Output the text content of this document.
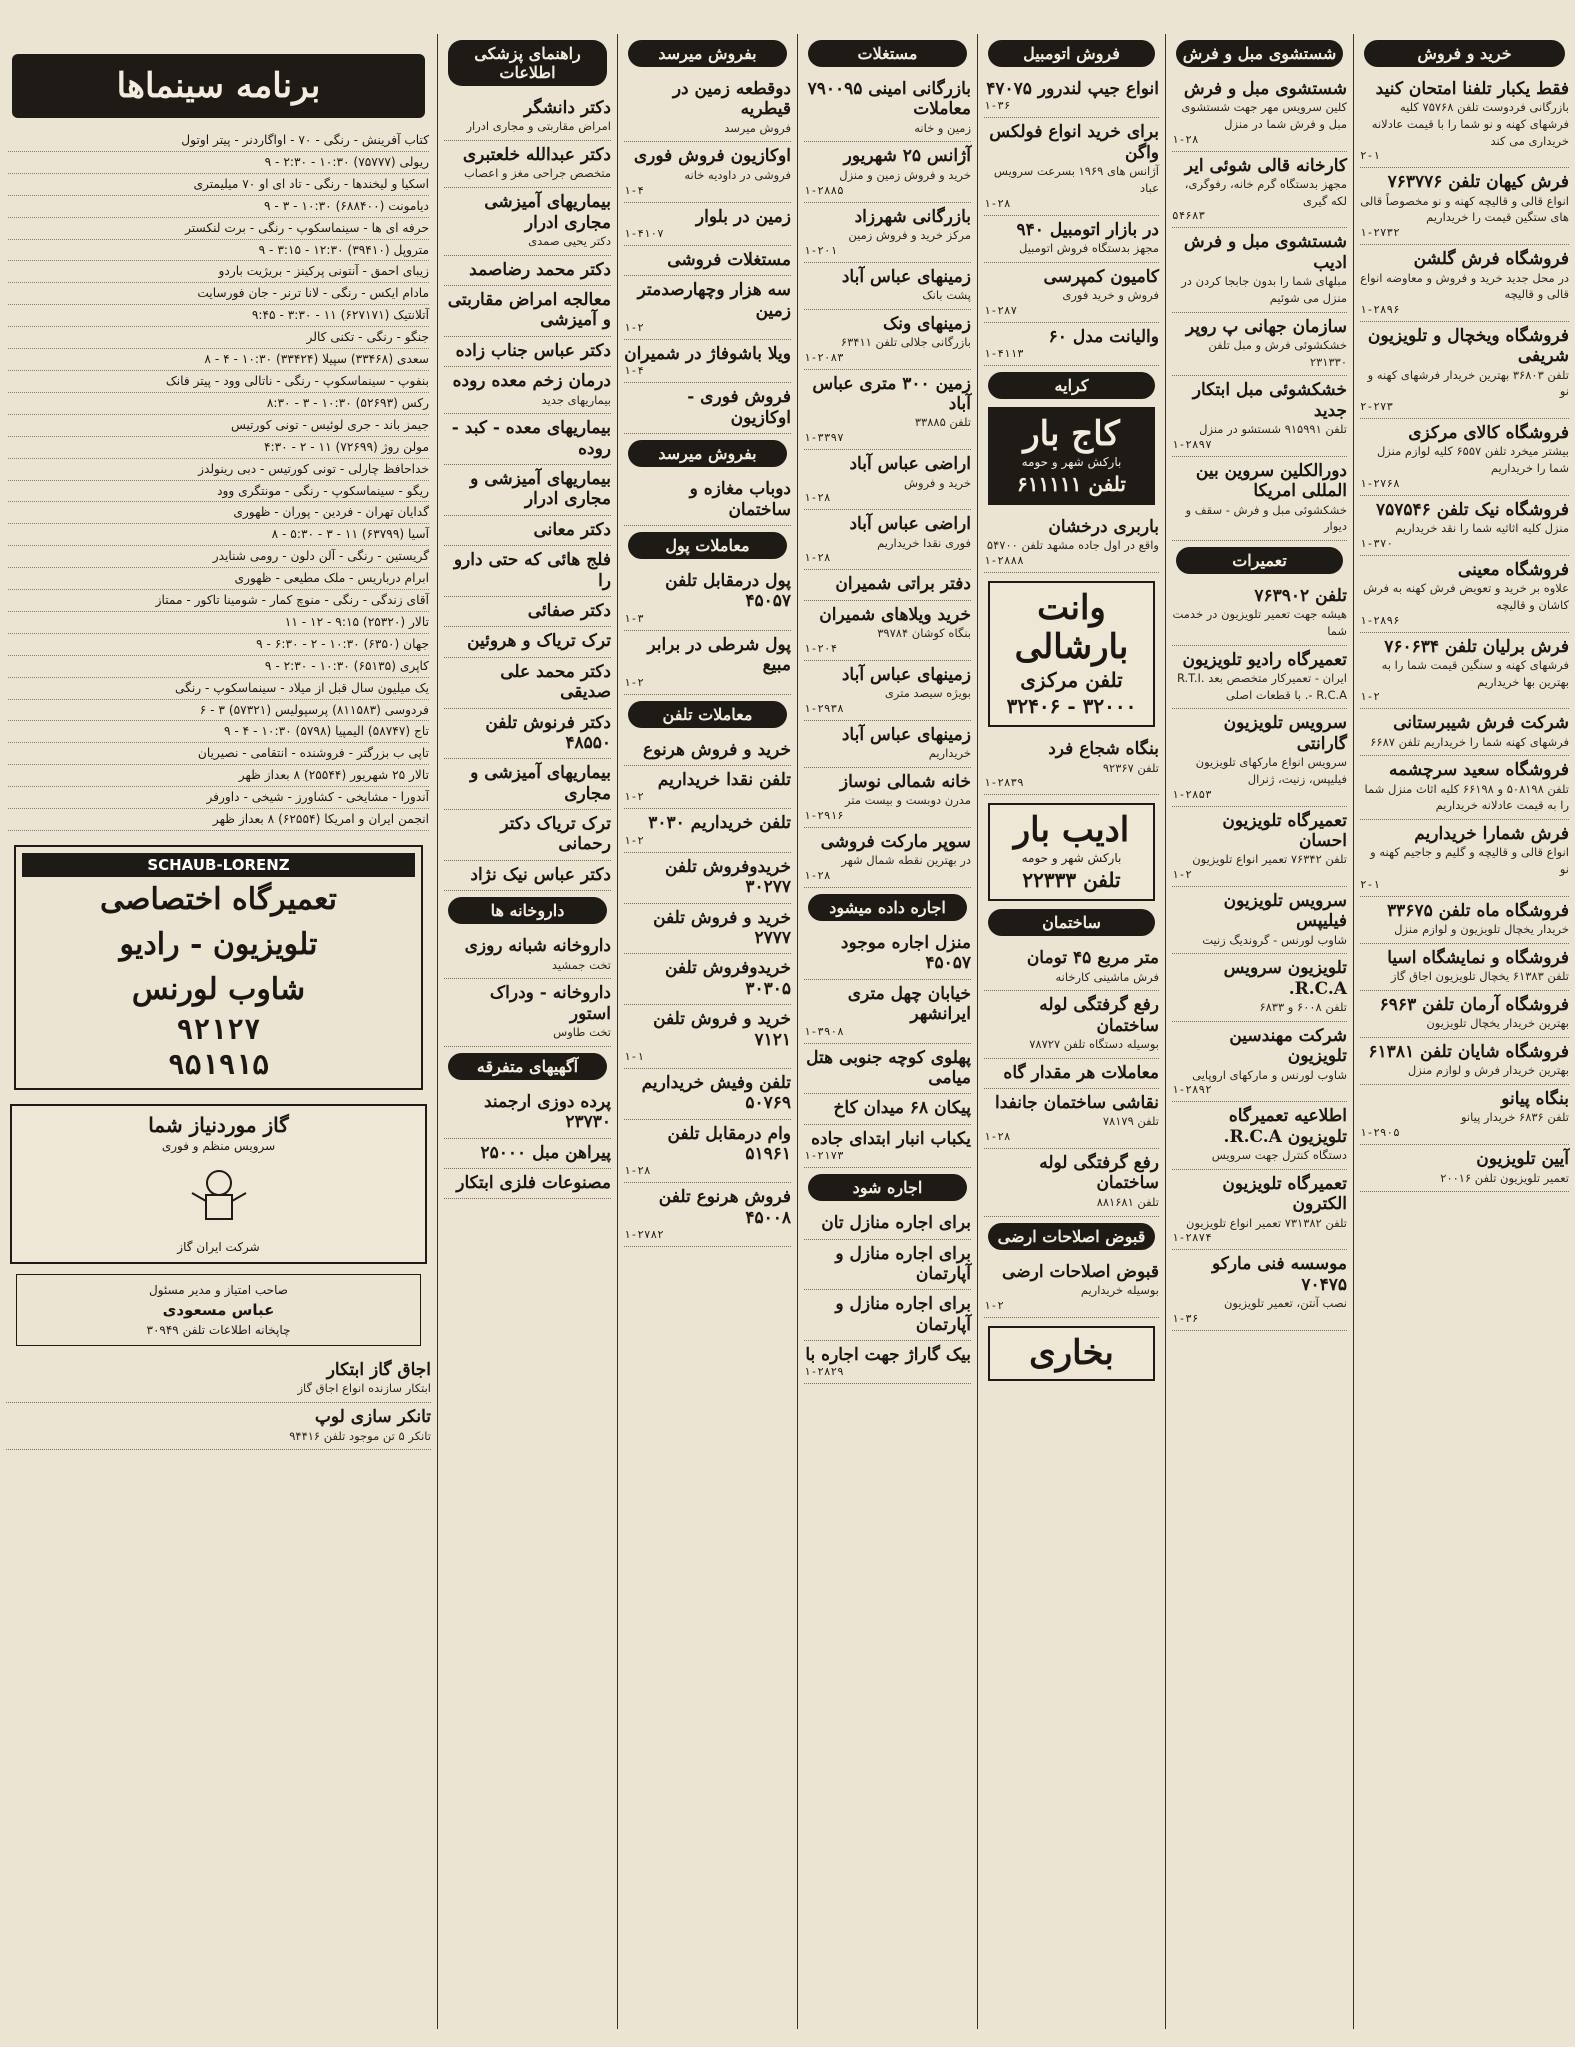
خرید و فروش
فقط یکبار تلفنا امتحان کنید
بازرگانی فردوست تلفن ۷۵۷۶۸ کلیه فرشهای کهنه و نو شما را با قیمت عادلانه خریداری می کند
۲-۱
فرش کیهان تلفن ۷۶۳۷۷۶
انواع قالی و قالیچه کهنه و نو مخصوصاً قالی های ستگین قیمت را خریداریم
۱-۲۷۳۲
فروشگاه فرش گلشن
در محل جدید خرید و فروش و معاوضه انواع قالی و قالیچه
۱-۲۸۹۶
فروشگاه ویخچال و تلویزیون شریفی
تلفن ۳۶۸۰۳ بهترین خریدار فرشهای کهنه و نو
۲-۲۷۳
فروشگاه کالای مرکزی
بیشتر میخرد تلفن ۶۵۵۷ کلیه لوازم منزل شما را خریداریم
۱-۲۷۶۸
فروشگاه نیک تلفن ۷۵۷۵۴۶
منزل کلیه اثاثیه شما را نقد خریداریم
۱-۳۷۰
فروشگاه معینی
علاوه بر خرید و تعویض فرش کهنه به فرش کاشان و قالیچه
۱-۲۸۹۶
فرش برلیان تلفن ۷۶۰۶۳۴
فرشهای کهنه و سنگین قیمت شما را به بهترین بها خریداریم
۱-۲
شرکت فرش شیبرستانی
فرشهای کهنه شما را خریداریم تلفن ۶۶۸۷
فروشگاه سعید سرچشمه
تلفن ۵۰۸۱۹۸ و ۶۶۱۹۸ کلیه اثاث منزل شما را به قیمت عادلانه خریداریم
فرش شمارا خریداریم
انواع قالی و قالیچه و گلیم و جاجیم کهنه و نو
۲-۱
فروشگاه ماه تلفن ۳۳۶۷۵
خریدار یخچال تلویزیون و لوازم منزل
فروشگاه و نمایشگاه اسیا
تلفن ۶۱۳۸۳ یخچال تلویزیون اجاق گاز
فروشگاه آرمان تلفن ۶۹۶۳
بهترین خریدار یخچال تلویزیون
فروشگاه شایان تلفن ۶۱۳۸۱
بهترین خریدار فرش و لوازم منزل
بنگاه پیانو
تلفن ۶۸۳۶ خریدار پیانو
۱-۲۹۰۵
آیین تلویزیون
تعمیر تلویزیون تلفن ۲۰۰۱۶
شستشوی مبل و فرش
شستشوی مبل و فرش
کلین سرویس مهر جهت شستشوی مبل و فرش شما در منزل
۱-۲۸
کارخانه قالی شوئی ایر
مجهز بدستگاه گرم خانه، رفوگری، لکه گیری
۵۴۶۸۳
شستشوی مبل و فرش ادیب
مبلهای شما را بدون جابجا کردن در منزل می شوئیم
سازمان جهانی پ روپر
خشکشوئی فرش و مبل تلفن ۲۳۱۳۳۰
خشکشوئی مبل ابتکار جدید
تلفن ۹۱۵۹۹۱ شستشو در منزل
۱-۲۸۹۷
دورالکلین سروین بین المللی امریکا
خشکشوئی مبل و فرش - سقف و دیوار
تعمیرات
تلفن ۷۶۳۹۰۲
هیشه جهت تعمیر تلویزیون در خدمت شما
تعمیرگاه رادیو تلویزیون
ایران - تعمیرکار متخصص بعد R.T.I. - R.C.A. با قطعات اصلی
سرویس تلویزیون گارانتی
سرویس انواع مارکهای تلویزیون فیلیپس، زنیت، ژنرال
۱-۲۸۵۳
تعمیرگاه تلویزیون احسان
تلفن ۷۶۳۴۲ تعمیر انواع تلویزیون
۱-۲
سرویس تلویزیون فیلیپس
شاوب لورنس - گروندیگ زنیت
تلویزیون سرویس R.C.A.
تلفن ۶۰۰۸ و ۶۸۳۳
شرکت مهندسین تلویزیون
شاوب لورنس و مارکهای اروپایی
۱-۲۸۹۲
اطلاعیه تعمیرگاه تلویزیون R.C.A.
دستگاه کنترل جهت سرویس
تعمیرگاه تلویزیون الکترون
تلفن ۷۳۱۳۸۲ تعمیر انواع تلویزیون
۱-۲۸۷۴
موسسه فنی مارکو ۷۰۴۷۵
نصب آنتن، تعمیر تلویزیون
۱-۳۶
فروش اتومبیل
انواع جیپ لندرور ۴۷۰۷۵
۱-۳۶
برای خرید انواع فولکس واگن
آژانس های ۱۹۶۹ بسرعت سرویس عباد
۱-۲۸
در بازار اتومبیل ۹۴۰
مجهز بدستگاه فروش اتومبیل
کامیون کمپرسی
فروش و خرید فوری
۱-۲۸۷
والیانت مدل ۶۰
۱-۴۱۱۳
کرایه
کاج بار
بارکش شهر و حومه
تلفن ۶۱۱۱۱۱
باربری درخشان
واقع در اول جاده مشهد تلفن ۵۴۷۰۰
۱-۲۸۸۸
وانت بارشالی
تلفن مرکزی ۳۲۰۰۰ - ۳۲۴۰۶
بنگاه شجاع فرد
تلفن ۹۲۳۶۷
۱-۲۸۳۹
ادیب بار
بارکش شهر و حومه
تلفن ۲۲۳۳۳
ساختمان
متر مربع ۴۵ تومان
فرش ماشینی کارخانه
رفع گرفتگی لوله ساختمان
بوسیله دستگاه تلفن ۷۸۷۲۷
معاملات هر مقدار گاه
نقاشی ساختمان جانفدا
تلفن ۷۸۱۷۹
۱-۲۸
رفع گرفتگی لوله ساختمان
تلفن ۸۸۱۶۸۱
قبوض اصلاحات ارضی
قبوض اصلاحات ارضی
بوسیله خریداریم
۱-۲
بخاری
مستغلات
بازرگانی امینی ۷۹۰۰۹۵ معاملات
زمین و خانه
آژانس ۲۵ شهریور
خرید و فروش زمین و منزل
۱-۲۸۸۵
بازرگانی شهرزاد
مرکز خرید و فروش زمین
۱-۲۰۱
زمینهای عباس آباد
پشت بانک
زمینهای ونک
بازرگانی جلالی تلفن ۶۳۴۱۱
۱-۲۰۸۳
زمین ۳۰۰ متری عباس آباد
تلفن ۳۳۸۸۵
۱-۳۳۹۷
اراضی عباس آباد
خرید و فروش
۱-۲۸
اراضی عباس آباد
فوری نقدا خریداریم
۱-۲۸
دفتر براتی شمیران
خرید ویلاهای شمیران
بنگاه کوشان ۳۹۷۸۴
۱-۲۰۴
زمینهای عباس آباد
بویژه سیصد متری
۱-۲۹۳۸
زمینهای عباس آباد
خریداریم
خانه شمالی نوساز
مدرن دوبست و بیست متر
۱-۲۹۱۶
سوپر مارکت فروشی
در بهترین نقطه شمال شهر
۱-۲۸
اجاره داده میشود
منزل اجاره موجود ۴۵۰۵۷
خیابان چهل متری ایرانشهر
۱-۳۹۰۸
پهلوی کوچه جنوبی هتل میامی
پیکان ۶۸ میدان کاخ
یکباب انبار ابتدای جاده
۱-۲۱۷۳
اجاره شود
برای اجاره منازل تان
برای اجاره منازل و آپارتمان
برای اجاره منازل و آپارتمان
بیک گاراژ جهت اجاره با
۱-۲۸۲۹
بفروش میرسد
دوقطعه زمین در قیطریه
فروش میرسد
اوکازیون فروش فوری
فروشی در داودیه خانه
۱-۴
زمین در بلوار
۱-۴۱۰۷
مستغلات فروشی
سه هزار وچهارصدمتر زمین
۱-۲
ویلا باشوفاژ در شمیران
۱-۴
فروش فوری - اوکازیون
بفروش میرسد
دوباب مغازه و ساختمان
معاملات پول
پول درمقابل تلفن ۴۵۰۵۷
۱-۳
پول شرطی در برابر مبیع
۱-۲
معاملات تلفن
خرید و فروش هرنوع
تلفن نقدا خریداریم
۱-۲
تلفن خریداریم ۳۰۳۰
۱-۲
خریدوفروش تلفن ۳۰۲۷۷
خرید و فروش تلفن ۲۷۷۷
خریدوفروش تلفن ۳۰۳۰۵
خرید و فروش تلفن ۷۱۲۱
۱-۱
تلفن وفیش خریداریم ۵۰۷۶۹
وام درمقابل تلفن ۵۱۹۶۱
۱-۲۸
فروش هرنوع تلفن ۴۵۰۰۸
۱-۲۷۸۲
راهنمای پزشکی اطلاعات
دکتر دانشگر
امراض مقاربتی و مجاری ادرار
دکتر عبدالله خلعتبری
متخصص جراحی مغز و اعصاب
بیماریهای آمیزشی مجاری ادرار
دکتر یحیی صمدی
دکتر محمد رضاصمد
معالجه امراض مقاربتی و آمیزشی
دکتر عباس جناب زاده
درمان زخم معده روده
بیماریهای جدید
بیماریهای معده - کبد - روده
بیماریهای آمیزشی و مجاری ادرار
دکتر معانی
فلج هائی که حتی دارو را
دکتر صفائی
ترک تریاک و هروئین
دکتر محمد علی صدیقی
دکتر فرنوش تلفن ۴۸۵۵۰
بیماریهای آمیزشی و مجاری
ترک تریاک دکتر رحمانی
دکتر عباس نیک نژاد
داروخانه ها
داروخانه شبانه روزی
تخت جمشید
داروخانه - ودراک استور
تخت طاوس
آگهیهای متفرقه
پرده دوزی ارجمند ۲۳۷۳۰
پیراهن مبل ۲۵۰۰۰
مصنوعات فلزی ابتکار
برنامه سینماها
کتاب آفرینش - رنگی - ۷۰ - اواگاردنر - پیتر اوتول
ریولی (۷۵۷۷۷) ۱۰:۳۰ - ۲:۳۰ - ۹
اسکیا و لیخندها - رنگی - تاد ای او ۷۰ میلیمتری
دیامونت (۶۸۸۴۰۰) ۱۰:۳۰ - ۳ - ۹
حرفه ای ها - سینماسکوپ - رنگی - برت لنکستر
متروپل (۳۹۴۱۰) ۱۲:۳۰ - ۳:۱۵ - ۹
زیبای احمق - آنتونی پرکینز - بریژیت باردو
مادام ایکس - رنگی - لانا ترنر - جان فورسایت
آتلانتیک (۶۲۷۱۷۱) ۱۱ - ۳:۳۰ - ۹:۴۵
جنگو - رنگی - تکنی کالر
سعدی (۳۳۴۶۸) سپیلا (۳۳۴۲۴) ۱۰:۳۰ - ۴ - ۸
بنفوپ - سینماسکوپ - رنگی - ناتالی وود - پیتر فانک
رکس (۵۲۶۹۳) ۱۰:۳۰ - ۳ - ۸:۳۰
جیمز باند - جری لوئیس - تونی کورتیس
مولن روژ (۷۲۶۹۹) ۱۱ - ۲ - ۴:۳۰
خداحافظ چارلی - تونی کورتیس - دبی رینولدز
ریگو - سینماسکوپ - رنگی - مونتگری وود
گدایان تهران - فردین - پوران - ظهوری
آسیا (۶۳۷۹۹) ۱۱ - ۳ - ۵:۳۰ - ۸
گریستین - رنگی - آلن دلون - رومی شنایدر
ابرام درباریس - ملک مطیعی - ظهوری
آقای زندگی - رنگی - منوچ کمار - شومینا تاکور - ممتاز
تالار (۲۵۳۲۰) ۹:۱۵ - ۱۲ - ۱۱
جهان (۶۳۵۰) ۱۰:۳۰ - ۲ - ۶:۳۰ - ۹
کاپری (۶۵۱۳۵) ۱۰:۳۰ - ۲:۳۰ - ۹
یک میلیون سال قبل از میلاد - سینماسکوپ - رنگی
فردوسی (۸۱۱۵۸۳) پرسپولیس (۵۷۳۲۱) ۳ - ۶
تاج (۵۸۷۴۷) الیمپیا (۵۷۹۸) ۱۰:۳۰ - ۴ - ۹
تاپی ب بزرگتر - فروشنده - انتقامی - نصیریان
تالار ۲۵ شهریور (۲۵۵۴۴) ۸ بعداز ظهر
آندورا - مشایخی - کشاورز - شیخی - داورفر
انجمن ایران و امریکا (۶۲۵۵۴) ۸ بعداز ظهر
SCHAUB-LORENZ
تعمیرگاه اختصاصی
تلویزیون - رادیو
شاوب لورنس
۹۲۱۲۷
۹۵۱۹۱۵
گاز موردنیاز شما
سرویس منظم و فوری
شرکت ایران گاز
صاحب امتیاز و مدیر مسئول
عباس مسعودی
چاپخانه اطلاعات تلفن ۳۰۹۴۹
اجاق گاز ابتکار
ابتکار سازنده انواع اجاق گاز
تانکر سازی لوپ
تانکر ۵ تن موجود تلفن ۹۴۴۱۶
